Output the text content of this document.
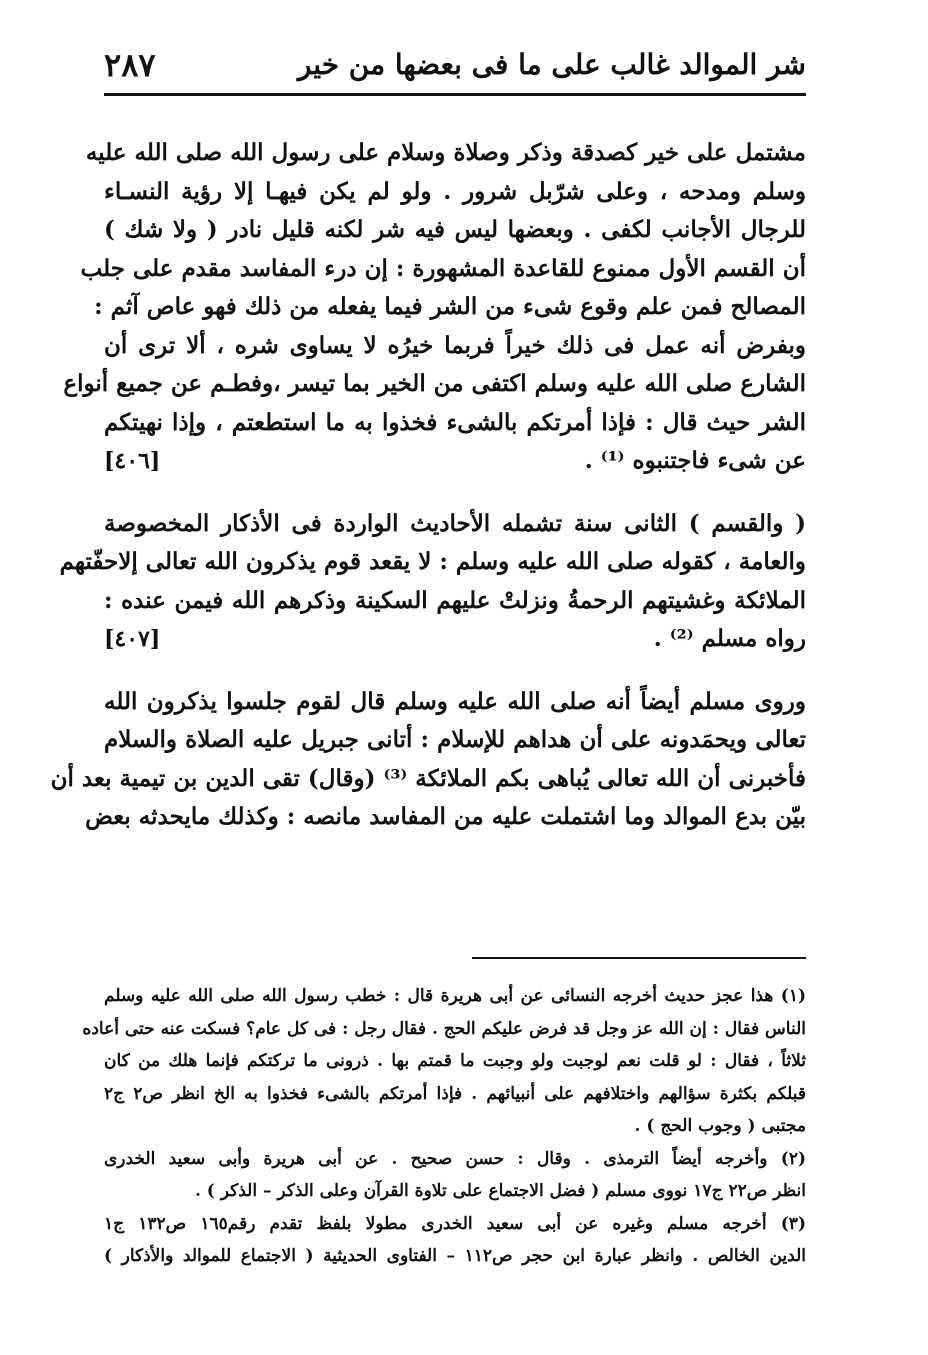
٢٨٧	شر الموالد غالب على ما فى بعضها من خير
مشتمل على خير كصدقة وذكر وصلاة وسلام على رسول الله صلى الله عليه
وسلم ومدحه ، وعلى شرّبل شرور . ولو لم يكن فيهـا إلا رؤية النسـاء
للرجال الأجانب لكفى . وبعضها ليس فيه شر لكنه قليل نادر ( ولا شك )
أن القسم الأول ممنوع للقاعدة المشهورة : إن درء المفاسد مقدم على جلب
المصالح فمن علم وقوع شىء من الشر فيما يفعله من ذلك فهو عاص آثم :
وبفرض أنه عمل فى ذلك خيراً فربما خيرُه لا يساوى شره ، ألا ترى أن
الشارع صلى الله عليه وسلم اكتفى من الخير بما تيسر ،وفطـم عن جميع أنواع
الشر حيث قال : فإذا أمرتكم بالشىء فخذوا به ما استطعتم ، وإذا نهيتكم
عن شىء فاجتنبوه ⁽¹⁾ .
[٤٠٦]
( والقسم ) الثانى سنة تشمله الأحاديث الواردة فى الأذكار المخصوصة
والعامة ، كقوله صلى الله عليه وسلم : لا يقعد قوم يذكرون الله تعالى إلاحفّتهم
الملائكة وغشيتهم الرحمةُ ونزلتْ عليهم السكينة وذكرهم الله فيمن عنده :
رواه مسلم ⁽²⁾ .
[٤٠٧]
وروى مسلم أيضاً أنه صلى الله عليه وسلم قال لقوم جلسوا يذكرون الله
تعالى ويحمَدونه على أن هداهم للإسلام : أتانى جبريل عليه الصلاة والسلام
فأخبرنى أن الله تعالى يُباهى بكم الملائكة ⁽³⁾ (وقال) تقى الدين بن تيمية بعد أن
بيّن بدع الموالد وما اشتملت عليه من المفاسد مانصه : وكذلك مايحدثه بعض
(١) هذا عجز حديث أخرجه النسائى عن أبى هريرة قال : خطب رسول الله صلى الله عليه وسلم
الناس فقال : إن الله عز وجل قد فرض عليكم الحج . فقال رجل : فى كل عام؟ فسكت عنه حتى أعاده
ثلاثاً ، فقال : لو قلت نعم لوجبت ولو وجبت ما قمتم بها . ذرونى ما تركتكم فإنما هلك من كان
قبلكم بكثرة سؤالهم واختلافهم على أنبيائهم . فإذا أمرتكم بالشىء فخذوا به الخ انظر ص٢ ج٢
مجتبى ( وجوب الحج ) .
(٢) وأخرجه أيضاً الترمذى . وقال : حسن صحيح . عن أبى هريرة وأبى سعيد الخدرى
انظر ص٢٢ ج١٧ نووى مسلم ( فضل الاجتماع على تلاوة القرآن وعلى الذكر – الذكر ) .
(٣) أخرجه مسلم وغيره عن أبى سعيد الخدرى مطولا بلفظ تقدم رقم١٦٥ ص١٣٢ ج١
الدين الخالص . وانظر عبارة ابن حجر ص١١٢ – الفتاوى الحديثية ( الاجتماع للموالد والأذكار )
